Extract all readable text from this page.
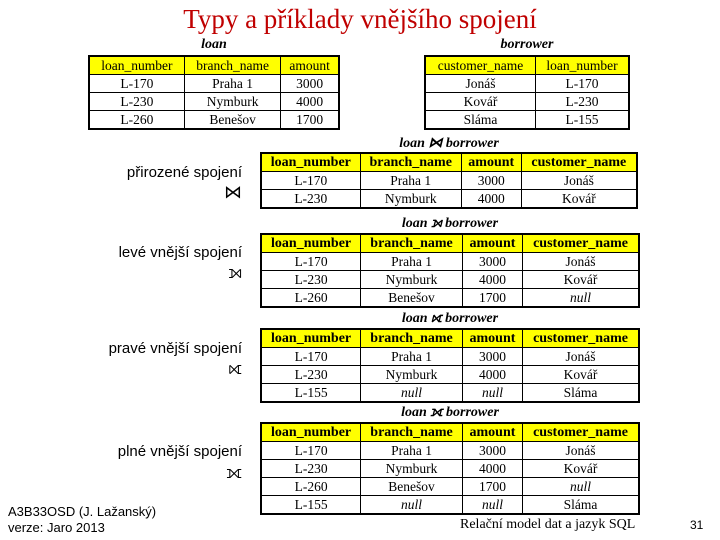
Typy a příklady vnějšího spojení
loan
loan_number	branch_name	amount
L-170	Praha 1	3000
L-230	Nymburk	4000
L-260	Benešov	1700
borrower
customer_name	loan_number
Jonáš	L-170
Kovář	L-230
Sláma	L-155
loan ⋈ borrower
přirozené spojení
⋈
loan_number	branch_name	amount	customer_name
L-170	Praha 1	3000	Jonáš
L-230	Nymburk	4000	Kovář
loan ⟕ borrower
levé vnější spojení
⟕
loan_number	branch_name	amount	customer_name
L-170	Praha 1	3000	Jonáš
L-230	Nymburk	4000	Kovář
L-260	Benešov	1700	null
loan ⟖ borrower
pravé vnější spojení
⟖
loan_number	branch_name	amount	customer_name
L-170	Praha 1	3000	Jonáš
L-230	Nymburk	4000	Kovář
L-155	null	null	Sláma
loan ⟗ borrower
plné vnější spojení
⟗
loan_number	branch_name	amount	customer_name
L-170	Praha 1	3000	Jonáš
L-230	Nymburk	4000	Kovář
L-260	Benešov	1700	null
L-155	null	null	Sláma
A3B33OSD (J. Lažanský)
verze: Jaro 2013	Relační model dat a jazyk SQL	31
